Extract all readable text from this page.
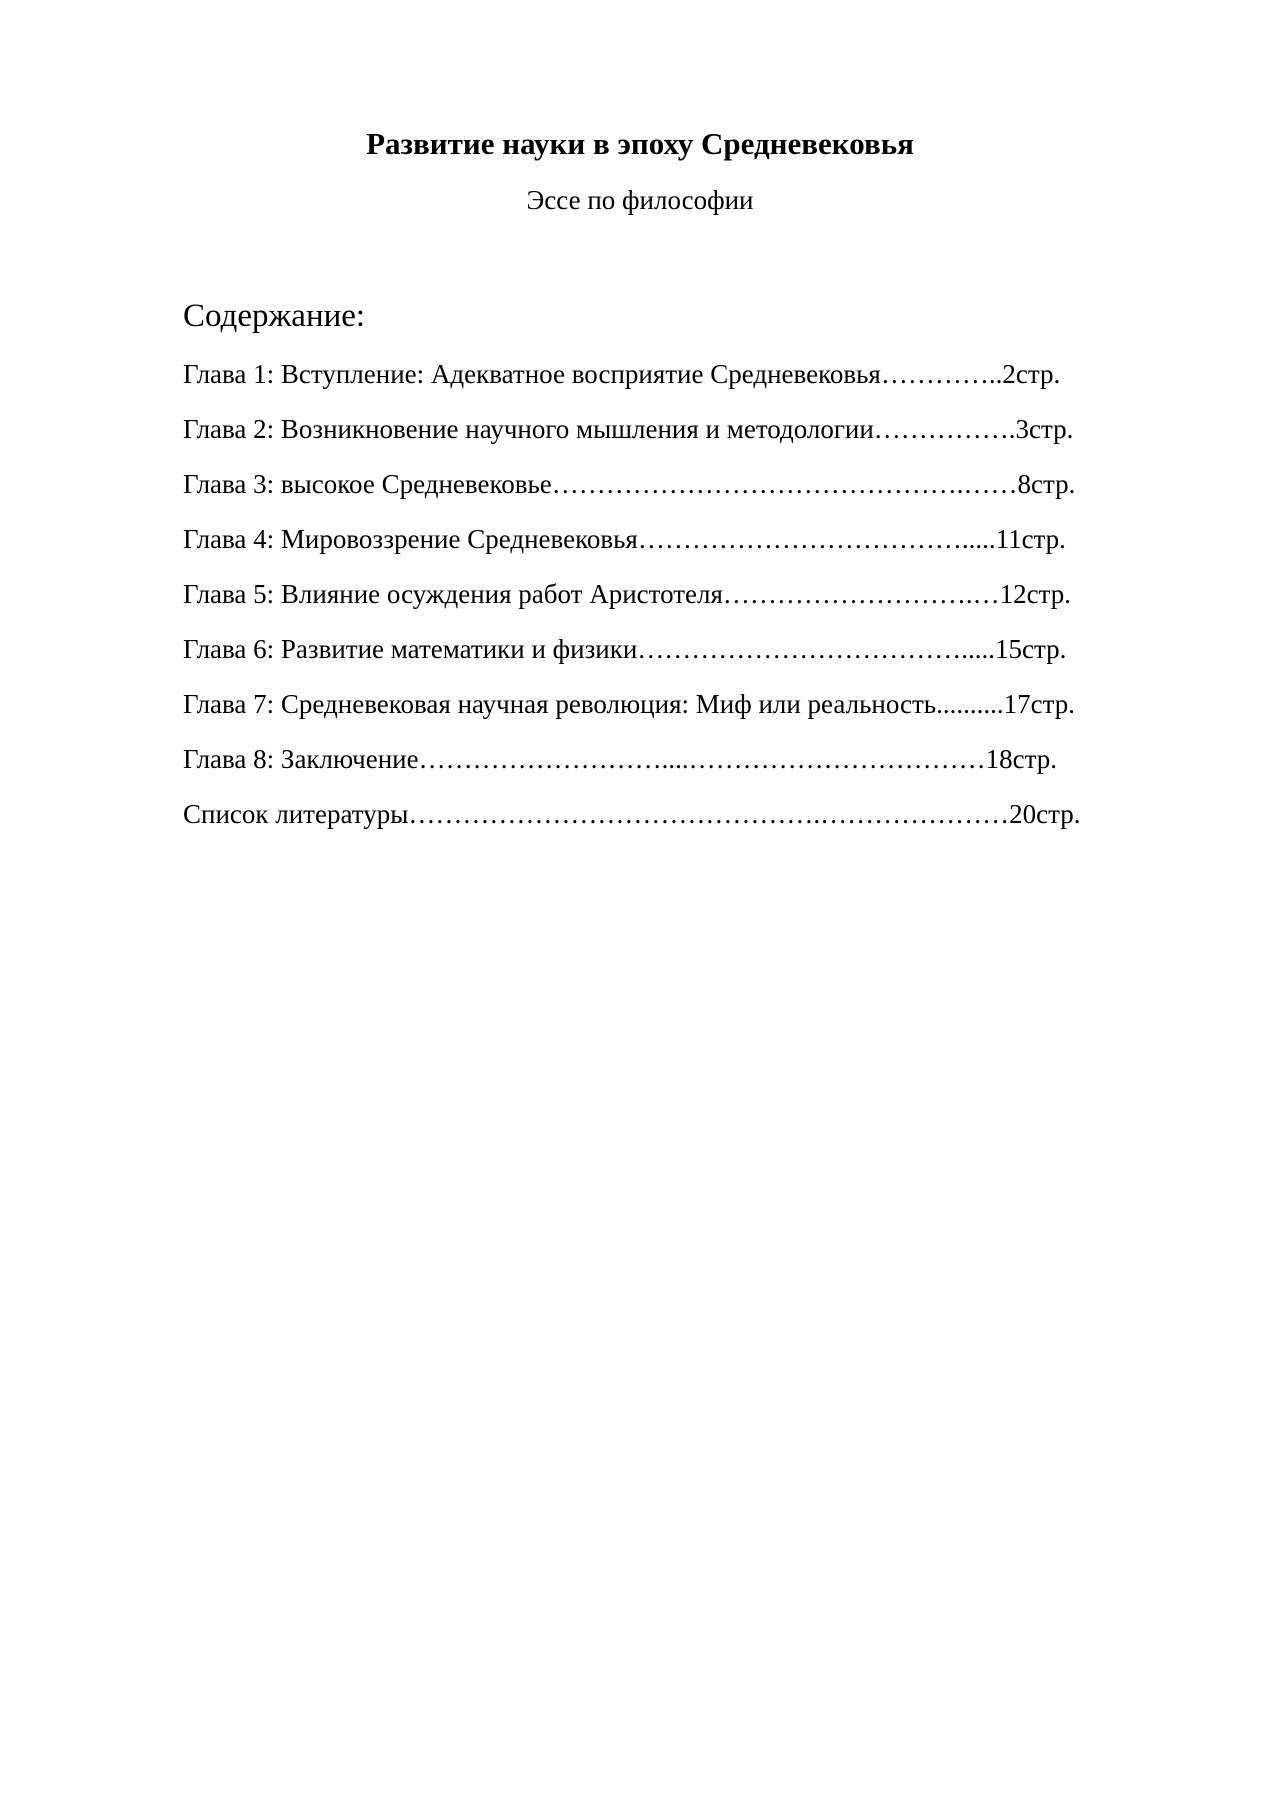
Развитие науки в эпоху Средневековья

Эссе по философии

Содержание:
Глава 1: Вступление: Адекватное восприятие Средневековья…………..2стр.
Глава 2: Возникновение научного мышления и методологии…………….3стр.
Глава 3: высокое Средневековье……………………………………….……8стр.
Глава 4: Мировоззрение Средневековья……………………………….....11стр.
Глава 5: Влияние осуждения работ Аристотеля……………………….…12стр.
Глава 6: Развитие математики и физики……………………………….....15стр.
Глава 7: Средневековая научная революция: Миф или реальность..........17стр.
Глава 8: Заключение………………………....……………………………18стр.
Список литературы……………………………………….…………………20стр.
